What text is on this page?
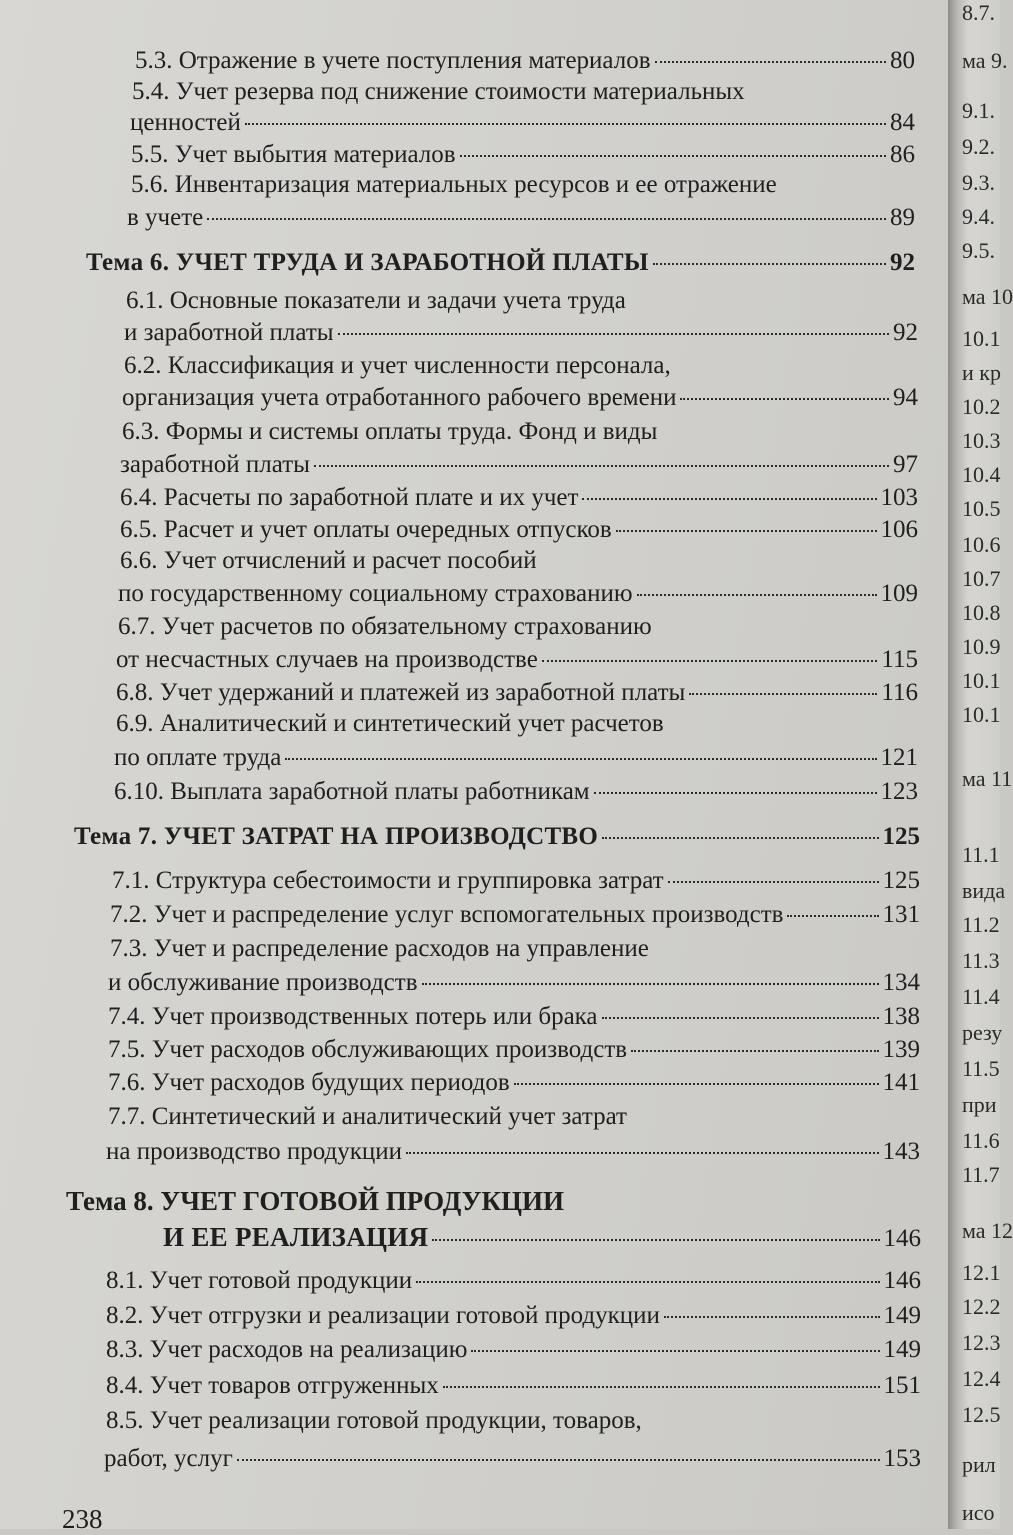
8.7.
ма 9.
9.1.
9.2.
9.3.
9.4.
9.5.
ма 10
10.1
и кр
10.2
10.3
10.4
10.5
10.6
10.7
10.8
10.9
10.1
10.1
ма 11
11.1
вида
11.2
11.3
11.4
резу
11.5
при
11.6
11.7
ма 12
12.1
12.2
12.3
12.4
12.5
рил
исо
5.3. Отражение в учете поступления материалов	80
5.4. Учет резерва под снижение стоимости материальных
ценностей	84
5.5. Учет выбытия материалов	86
5.6. Инвентаризация материальных ресурсов и ее отражение
в учете	89
Тема 6. УЧЕТ ТРУДА И ЗАРАБОТНОЙ ПЛАТЫ	92
6.1. Основные показатели и задачи учета труда
и заработной платы	92
6.2. Классификация и учет численности персонала,
организация учета отработанного рабочего времени	94
6.3. Формы и системы оплаты труда. Фонд и виды
заработной платы	97
6.4. Расчеты по заработной плате и их учет	103
6.5. Расчет и учет оплаты очередных отпусков	106
6.6. Учет отчислений и расчет пособий
по государственному социальному страхованию	109
6.7. Учет расчетов по обязательному страхованию
от несчастных случаев на производстве	115
6.8. Учет удержаний и платежей из заработной платы	116
6.9. Аналитический и синтетический учет расчетов
по оплате труда	121
6.10. Выплата заработной платы работникам	123
Тема 7. УЧЕТ ЗАТРАТ НА ПРОИЗВОДСТВО	125
7.1. Структура себестоимости и группировка затрат	125
7.2. Учет и распределение услуг вспомогательных производств	131
7.3. Учет и распределение расходов на управление
и обслуживание производств	134
7.4. Учет производственных потерь или брака	138
7.5. Учет расходов обслуживающих производств	139
7.6. Учет расходов будущих периодов	141
7.7. Синтетический и аналитический учет затрат
на производство продукции	143
Тема 8. УЧЕТ ГОТОВОЙ ПРОДУКЦИИ
И ЕЕ РЕАЛИЗАЦИЯ	146
8.1. Учет готовой продукции	146
8.2. Учет отгрузки и реализации готовой продукции	149
8.3. Учет расходов на реализацию	149
8.4. Учет товаров отгруженных	151
8.5. Учет реализации готовой продукции, товаров,
работ, услуг	153
238
